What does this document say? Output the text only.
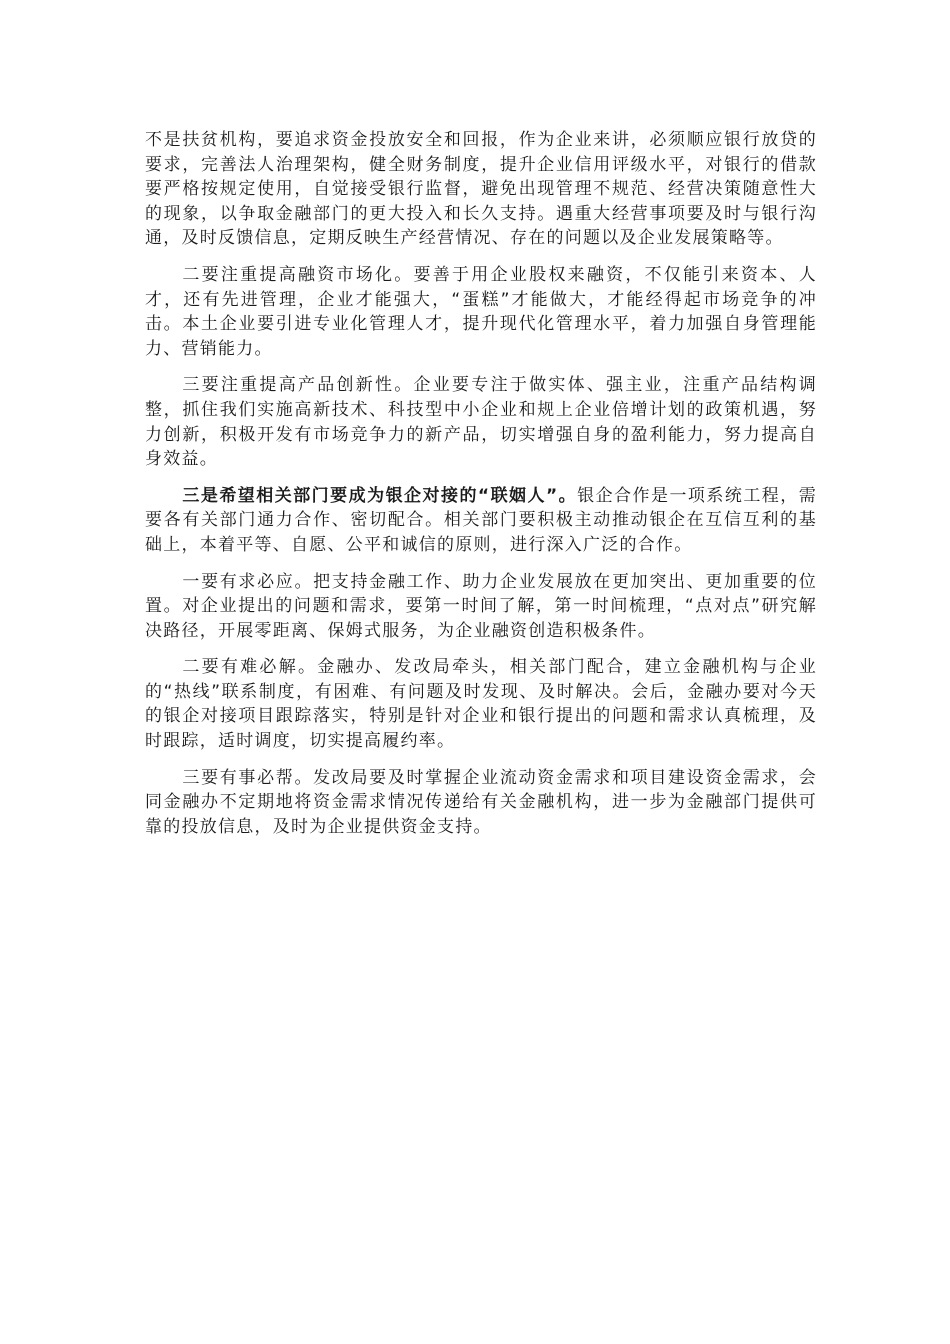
不是扶贫机构，要追求资金投放安全和回报，作为企业来讲，必须顺应银行放贷的要求，完善法人治理架构，健全财务制度，提升企业信用评级水平，对银行的借款要严格按规定使用，自觉接受银行监督，避免出现管理不规范、经营决策随意性大的现象，以争取金融部门的更大投入和长久支持。遇重大经营事项要及时与银行沟通，及时反馈信息，定期反映生产经营情况、存在的问题以及企业发展策略等。

二要注重提高融资市场化。要善于用企业股权来融资，不仅能引来资本、人才，还有先进管理，企业才能强大，“蛋糕”才能做大，才能经得起市场竞争的冲击。本土企业要引进专业化管理人才，提升现代化管理水平，着力加强自身管理能力、营销能力。

三要注重提高产品创新性。企业要专注于做实体、强主业，注重产品结构调整，抓住我们实施高新技术、科技型中小企业和规上企业倍增计划的政策机遇，努力创新，积极开发有市场竞争力的新产品，切实增强自身的盈利能力，努力提高自身效益。

三是希望相关部门要成为银企对接的“联姻人”。银企合作是一项系统工程，需要各有关部门通力合作、密切配合。相关部门要积极主动推动银企在互信互利的基础上，本着平等、自愿、公平和诚信的原则，进行深入广泛的合作。

一要有求必应。把支持金融工作、助力企业发展放在更加突出、更加重要的位置。对企业提出的问题和需求，要第一时间了解，第一时间梳理，“点对点”研究解决路径，开展零距离、保姆式服务，为企业融资创造积极条件。

二要有难必解。金融办、发改局牵头，相关部门配合，建立金融机构与企业的“热线”联系制度，有困难、有问题及时发现、及时解决。会后，金融办要对今天的银企对接项目跟踪落实，特别是针对企业和银行提出的问题和需求认真梳理，及时跟踪，适时调度，切实提高履约率。

三要有事必帮。发改局要及时掌握企业流动资金需求和项目建设资金需求，会同金融办不定期地将资金需求情况传递给有关金融机构，进一步为金融部门提供可靠的投放信息，及时为企业提供资金支持。
